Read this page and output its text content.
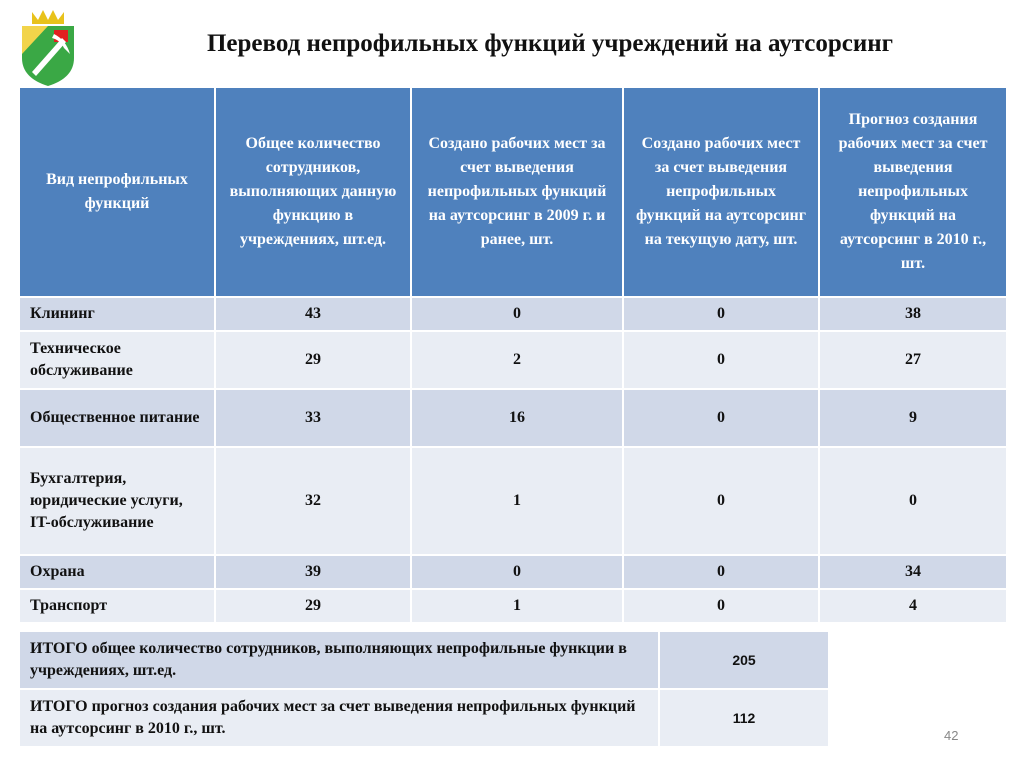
Перевод непрофильных функций учреждений на аутсорсинг
Вид непрофильных функций	Общее количество сотрудников, выполняющих данную функцию в учреждениях, шт.ед.	Создано рабочих мест за счет выведения непрофильных функций на аутсорсинг в 2009 г. и ранее, шт.	Создано рабочих мест за счет выведения непрофильных функций на аутсорсинг на текущую дату, шт.	Прогноз создания рабочих мест за счет выведения непрофильных функций на аутсорсинг в 2010 г., шт.
Клининг	43	0	0	38
Техническое обслуживание	29	2	0	27
Общественное питание	33	16	0	9
Бухгалтерия, юридические услуги, IT-обслуживание	32	1	0	0
Охрана	39	0	0	34
Транспорт	29	1	0	4
ИТОГО общее количество сотрудников, выполняющих непрофильные функции в учреждениях, шт.ед.	205
ИТОГО прогноз создания рабочих мест за счет выведения непрофильных функций на аутсорсинг в 2010 г., шт.	112
42
